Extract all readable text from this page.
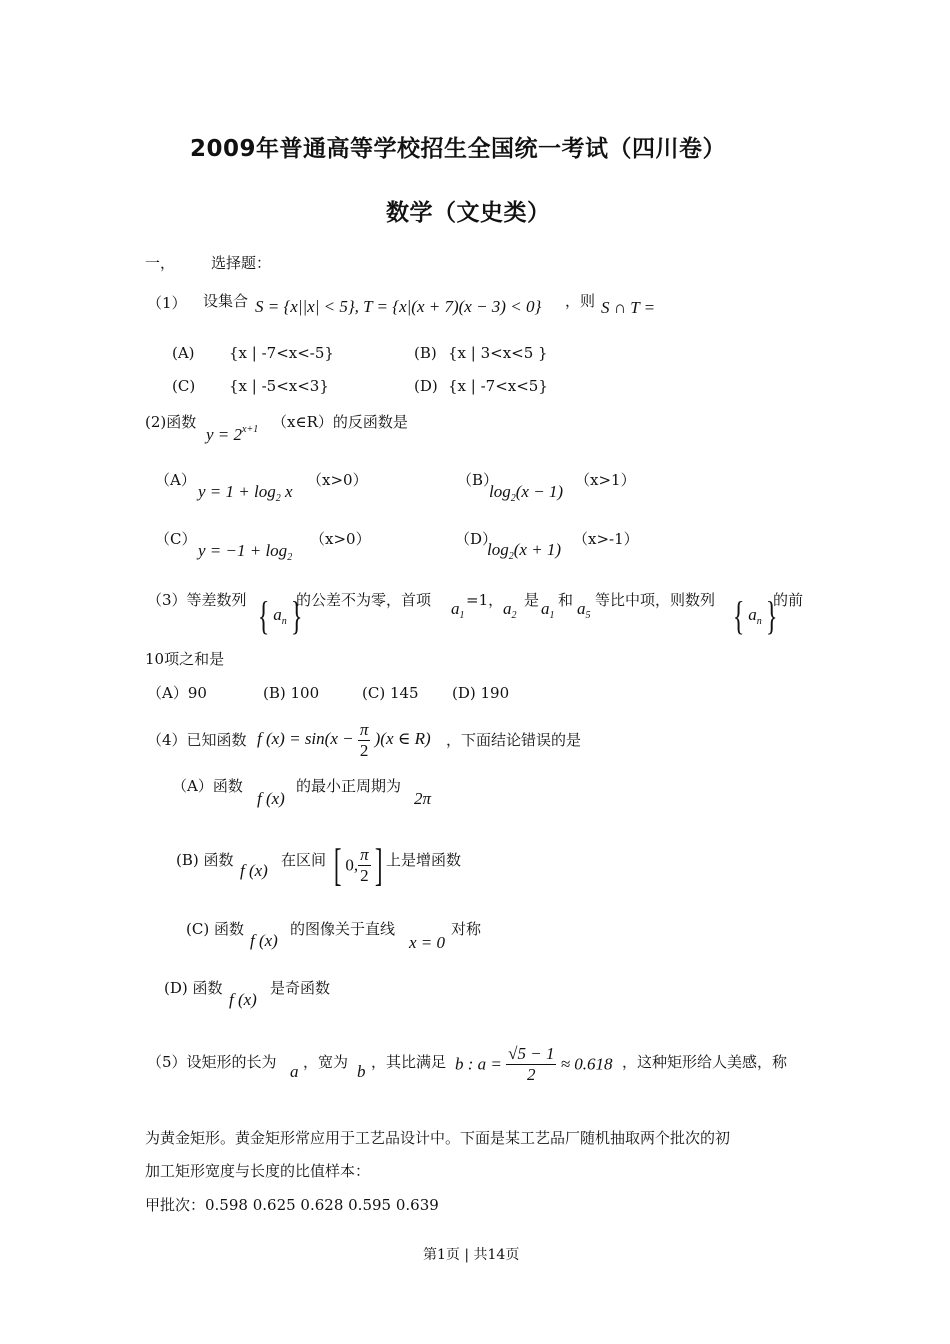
2009年普通高等学校招生全国统一考试（四川卷）
数学（文史类）
一， 选择题：
（1） 设集合 S = {x||x| < 5}, T = {x|(x + 7)(x − 3) < 0} ，则 S ∩ T =
(A) {x | -7<x<-5}	(B) {x | 3<x<5 }
(C) {x | -5<x<3}	(D) {x | -7<x<5}
(2)函数
$y = 2^{x+1}$ （x∈R）的反函数是
（A）
$y = 1 + \log_2 x$
（x>0）	（B）
$\log_2(x - 1)$
（x>1）
（C）
$y = -1 + \log_2$
（x>0）	（D）
$\log_2(x + 1)$
（x>-1）
（3）等差数列 { $a_n$}
的公差不为零，首项 $a_1$
=1， $a_2$
是 $a_1$
和 $a_5$
等比中项，则数列 { $a_n$}
的前
10项之和是
（A）90	(B) 100	(C) 145 (D) 190
（4）已知函数 f $(x) = \sin(x - \frac{\pi}{2} )(x$ ∈ R) ，下面结论错误的是
（A）函数
f (x)
的最小正周期为
2π
(B) 函数
f (x)
在区间 [ 0, $\frac{\pi}{2}$ ] 上是增函数
(C) 函数
f (x)
的图像关于直线
x = 0
对称
(D) 函数
f (x)
是奇函数
（5）设矩形的长为 a ，宽为 b ，其比满足 b : $a = \frac{√5 - 1}{2} \approx 0.618$ ，这种矩形给人美感，称
为黄金矩形。黄金矩形常应用于工艺品设计中。下面是某工艺品厂随机抽取两个批次的初
加工矩形宽度与长度的比值样本：
甲批次：0.598 0.625 0.628 0.595 0.639
第1页 | 共14页
